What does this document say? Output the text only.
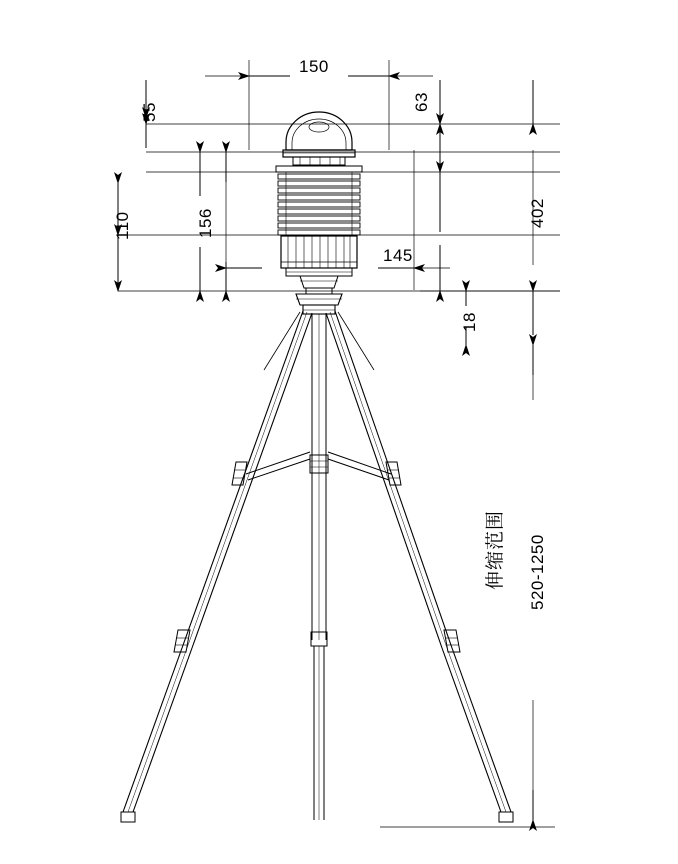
150
63
55
156
110
145
18
402
伸缩范围 520-1250
